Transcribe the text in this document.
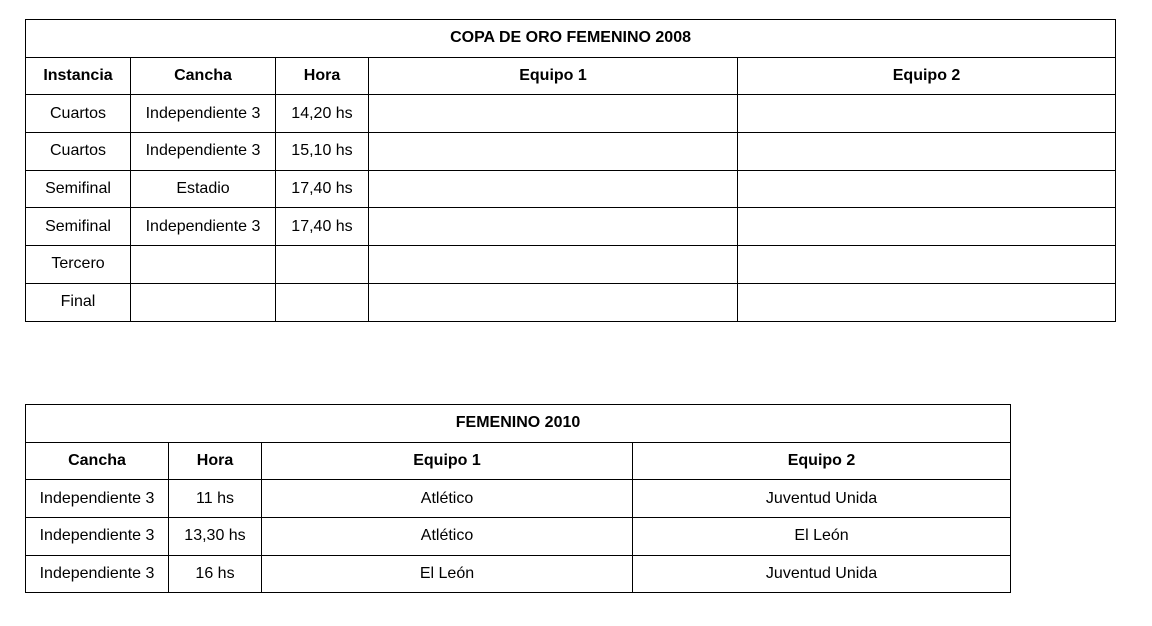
COPA DE ORO FEMENINO 2008				
Instancia	Cancha	Hora	Equipo 1	Equipo 2
Cuartos	Independiente 3	14,20 hs		
Cuartos	Independiente 3	15,10 hs		
Semifinal	Estadio	17,40 hs		
Semifinal	Independiente 3	17,40 hs		
Tercero				
Final				
FEMENINO 2010			
Cancha	Hora	Equipo 1	Equipo 2
Independiente 3	11 hs	Atlético	Juventud Unida
Independiente 3	13,30 hs	Atlético	El León
Independiente 3	16 hs	El León	Juventud Unida
